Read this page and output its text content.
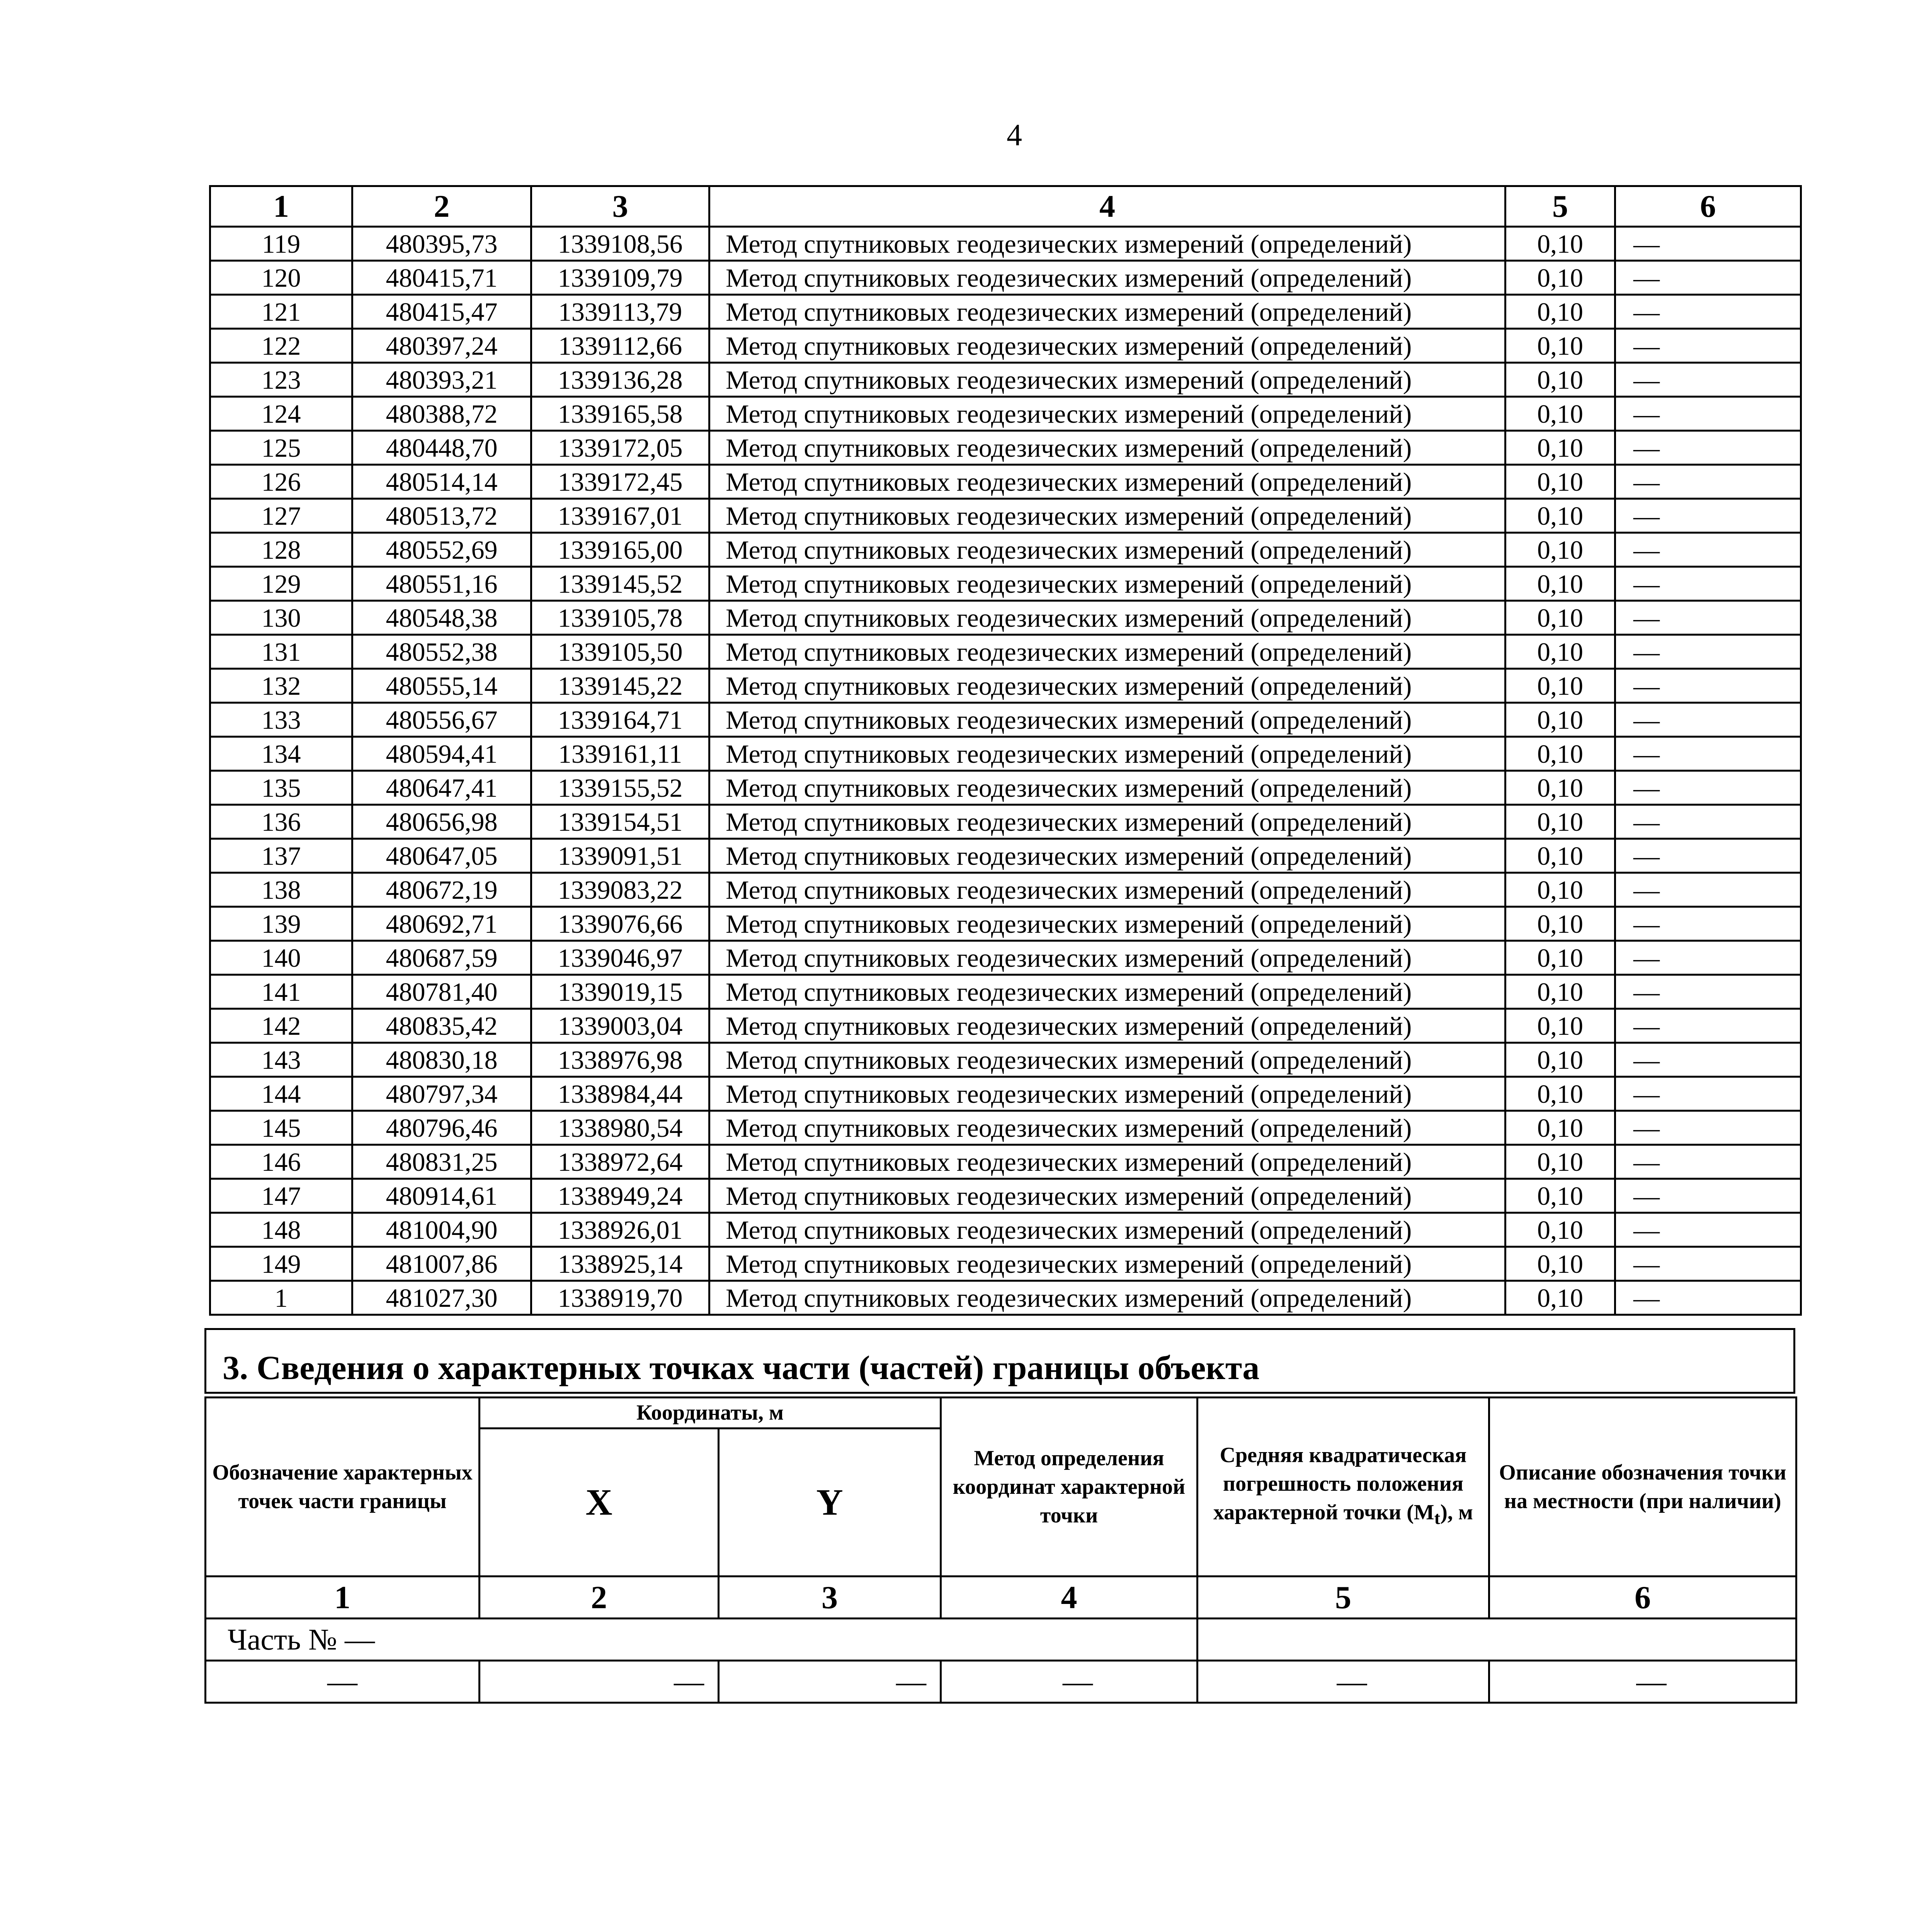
4
1	2	3	4	5	6
119	480395,73	1339108,56	Метод спутниковых геодезических измерений (определений)	0,10	—
120	480415,71	1339109,79	Метод спутниковых геодезических измерений (определений)	0,10	—
121	480415,47	1339113,79	Метод спутниковых геодезических измерений (определений)	0,10	—
122	480397,24	1339112,66	Метод спутниковых геодезических измерений (определений)	0,10	—
123	480393,21	1339136,28	Метод спутниковых геодезических измерений (определений)	0,10	—
124	480388,72	1339165,58	Метод спутниковых геодезических измерений (определений)	0,10	—
125	480448,70	1339172,05	Метод спутниковых геодезических измерений (определений)	0,10	—
126	480514,14	1339172,45	Метод спутниковых геодезических измерений (определений)	0,10	—
127	480513,72	1339167,01	Метод спутниковых геодезических измерений (определений)	0,10	—
128	480552,69	1339165,00	Метод спутниковых геодезических измерений (определений)	0,10	—
129	480551,16	1339145,52	Метод спутниковых геодезических измерений (определений)	0,10	—
130	480548,38	1339105,78	Метод спутниковых геодезических измерений (определений)	0,10	—
131	480552,38	1339105,50	Метод спутниковых геодезических измерений (определений)	0,10	—
132	480555,14	1339145,22	Метод спутниковых геодезических измерений (определений)	0,10	—
133	480556,67	1339164,71	Метод спутниковых геодезических измерений (определений)	0,10	—
134	480594,41	1339161,11	Метод спутниковых геодезических измерений (определений)	0,10	—
135	480647,41	1339155,52	Метод спутниковых геодезических измерений (определений)	0,10	—
136	480656,98	1339154,51	Метод спутниковых геодезических измерений (определений)	0,10	—
137	480647,05	1339091,51	Метод спутниковых геодезических измерений (определений)	0,10	—
138	480672,19	1339083,22	Метод спутниковых геодезических измерений (определений)	0,10	—
139	480692,71	1339076,66	Метод спутниковых геодезических измерений (определений)	0,10	—
140	480687,59	1339046,97	Метод спутниковых геодезических измерений (определений)	0,10	—
141	480781,40	1339019,15	Метод спутниковых геодезических измерений (определений)	0,10	—
142	480835,42	1339003,04	Метод спутниковых геодезических измерений (определений)	0,10	—
143	480830,18	1338976,98	Метод спутниковых геодезических измерений (определений)	0,10	—
144	480797,34	1338984,44	Метод спутниковых геодезических измерений (определений)	0,10	—
145	480796,46	1338980,54	Метод спутниковых геодезических измерений (определений)	0,10	—
146	480831,25	1338972,64	Метод спутниковых геодезических измерений (определений)	0,10	—
147	480914,61	1338949,24	Метод спутниковых геодезических измерений (определений)	0,10	—
148	481004,90	1338926,01	Метод спутниковых геодезических измерений (определений)	0,10	—
149	481007,86	1338925,14	Метод спутниковых геодезических измерений (определений)	0,10	—
1	481027,30	1338919,70	Метод спутниковых геодезических измерений (определений)	0,10	—
3. Сведения о характерных точках части (частей) границы объекта
Обозначение характерных точек части границы	Координаты, м		Метод определения координат характерной точки	Средняя квадратическая погрешность положения характерной точки $(M_t)$, м	Описание обозначения точки на местности (при наличии)
	X	Y			
1	2	3	4	5	6
Часть № —					
—	—	—	—	—	—
